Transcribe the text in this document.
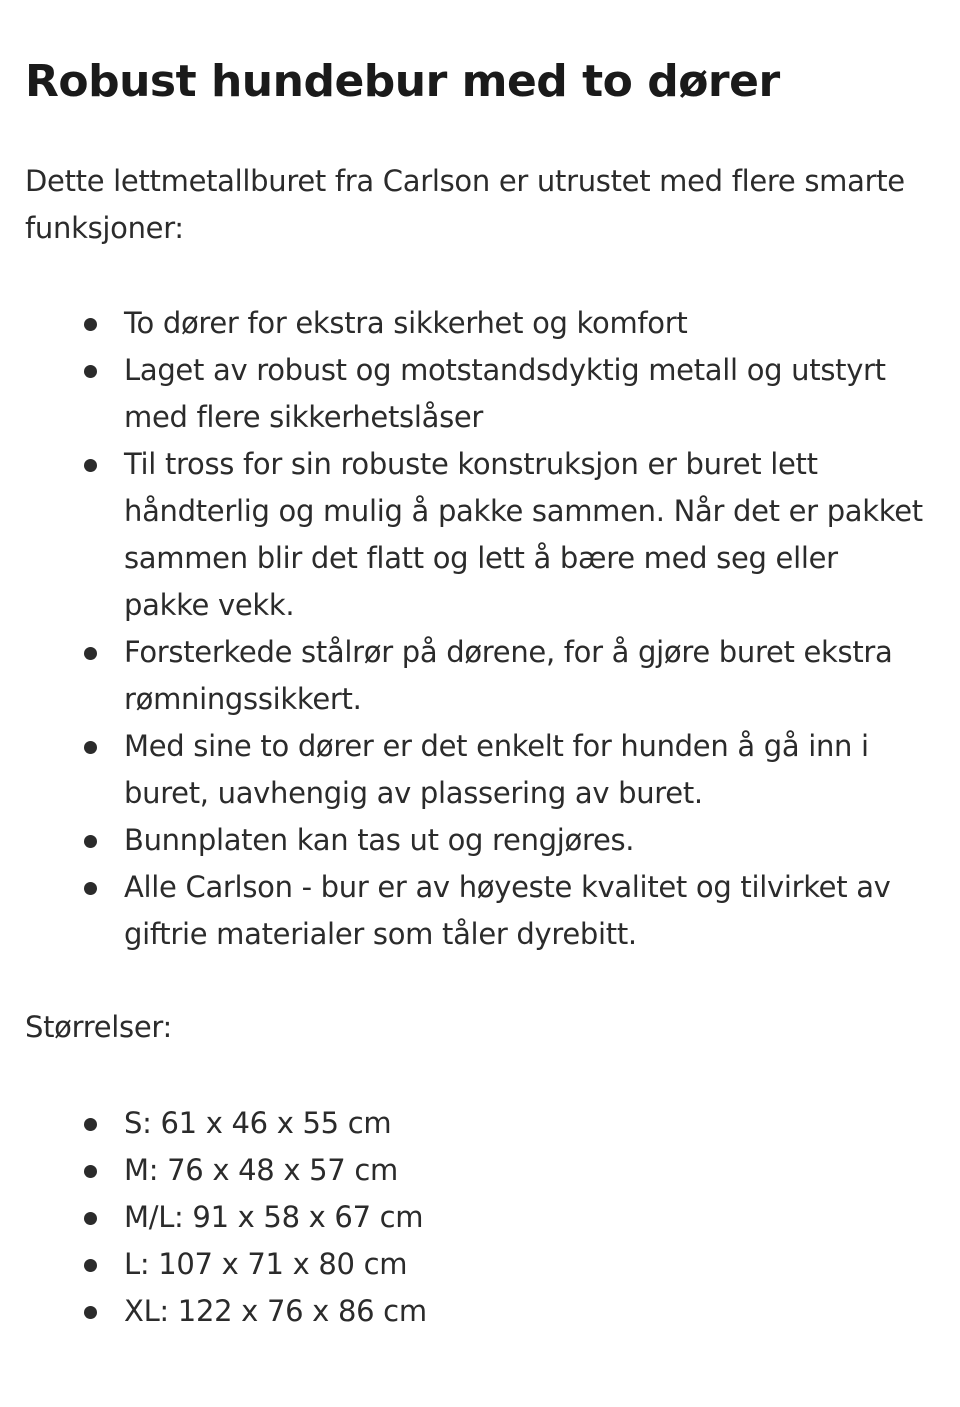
Robust hundebur med to dører

Dette lettmetallburet fra Carlson er utrustet med flere smarte funksjoner:

To dører for ekstra sikkerhet og komfort
Laget av robust og motstandsdyktig metall og utstyrt med flere sikkerhetslåser
Til tross for sin robuste konstruksjon er buret lett håndterlig og mulig å pakke sammen. Når det er pakket sammen blir det flatt og lett å bære med seg eller pakke vekk.
Forsterkede stålrør på dørene, for å gjøre buret ekstra rømningssikkert.
Med sine to dører er det enkelt for hunden å gå inn i buret, uavhengig av plassering av buret.
Bunnplaten kan tas ut og rengjøres.
Alle Carlson - bur er av høyeste kvalitet og tilvirket av giftrie materialer som tåler dyrebitt.
Størrelser:
S: 61 x 46 x 55 cm
M: 76 x 48 x 57 cm
M/L: 91 x 58 x 67 cm
L: 107 x 71 x 80 cm
XL: 122 x 76 x 86 cm
